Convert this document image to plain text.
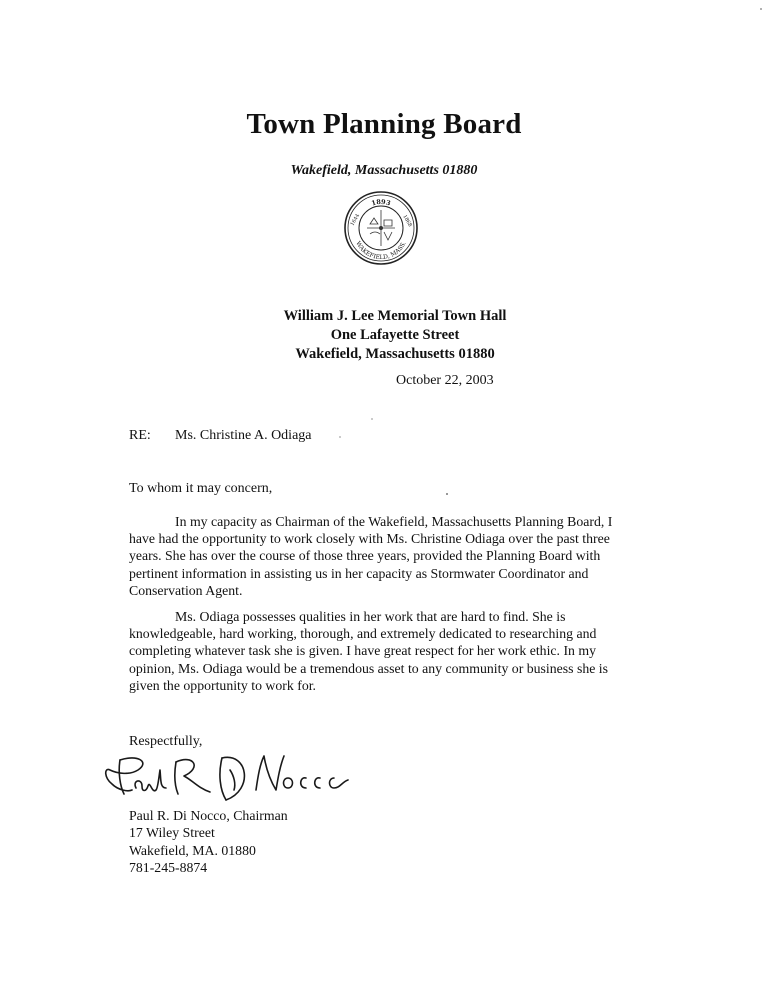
Town Planning Board
Wakefield, Massachusetts 01880
1893
WAKEFIELD, MASS.
1644	1868
William J. Lee Memorial Town Hall
One Lafayette Street
Wakefield, Massachusetts 01880
October 22, 2003
RE: Ms. Christine A. Odiaga
To whom it may concern,
In my capacity as Chairman of the Wakefield, Massachusetts Planning Board, I
have had the opportunity to work closely with Ms. Christine Odiaga over the past three
years. She has over the course of those three years, provided the Planning Board with
pertinent information in assisting us in her capacity as Stormwater Coordinator and
Conservation Agent.
Ms. Odiaga possesses qualities in her work that are hard to find. She is
knowledgeable, hard working, thorough, and extremely dedicated to researching and
completing whatever task she is given. I have great respect for her work ethic. In my
opinion, Ms. Odiaga would be a tremendous asset to any community or business she is
given the opportunity to work for.
Respectfully,
Paul R. Di Nocco
Paul R. Di Nocco, Chairman
17 Wiley Street
Wakefield, MA. 01880
781-245-8874
